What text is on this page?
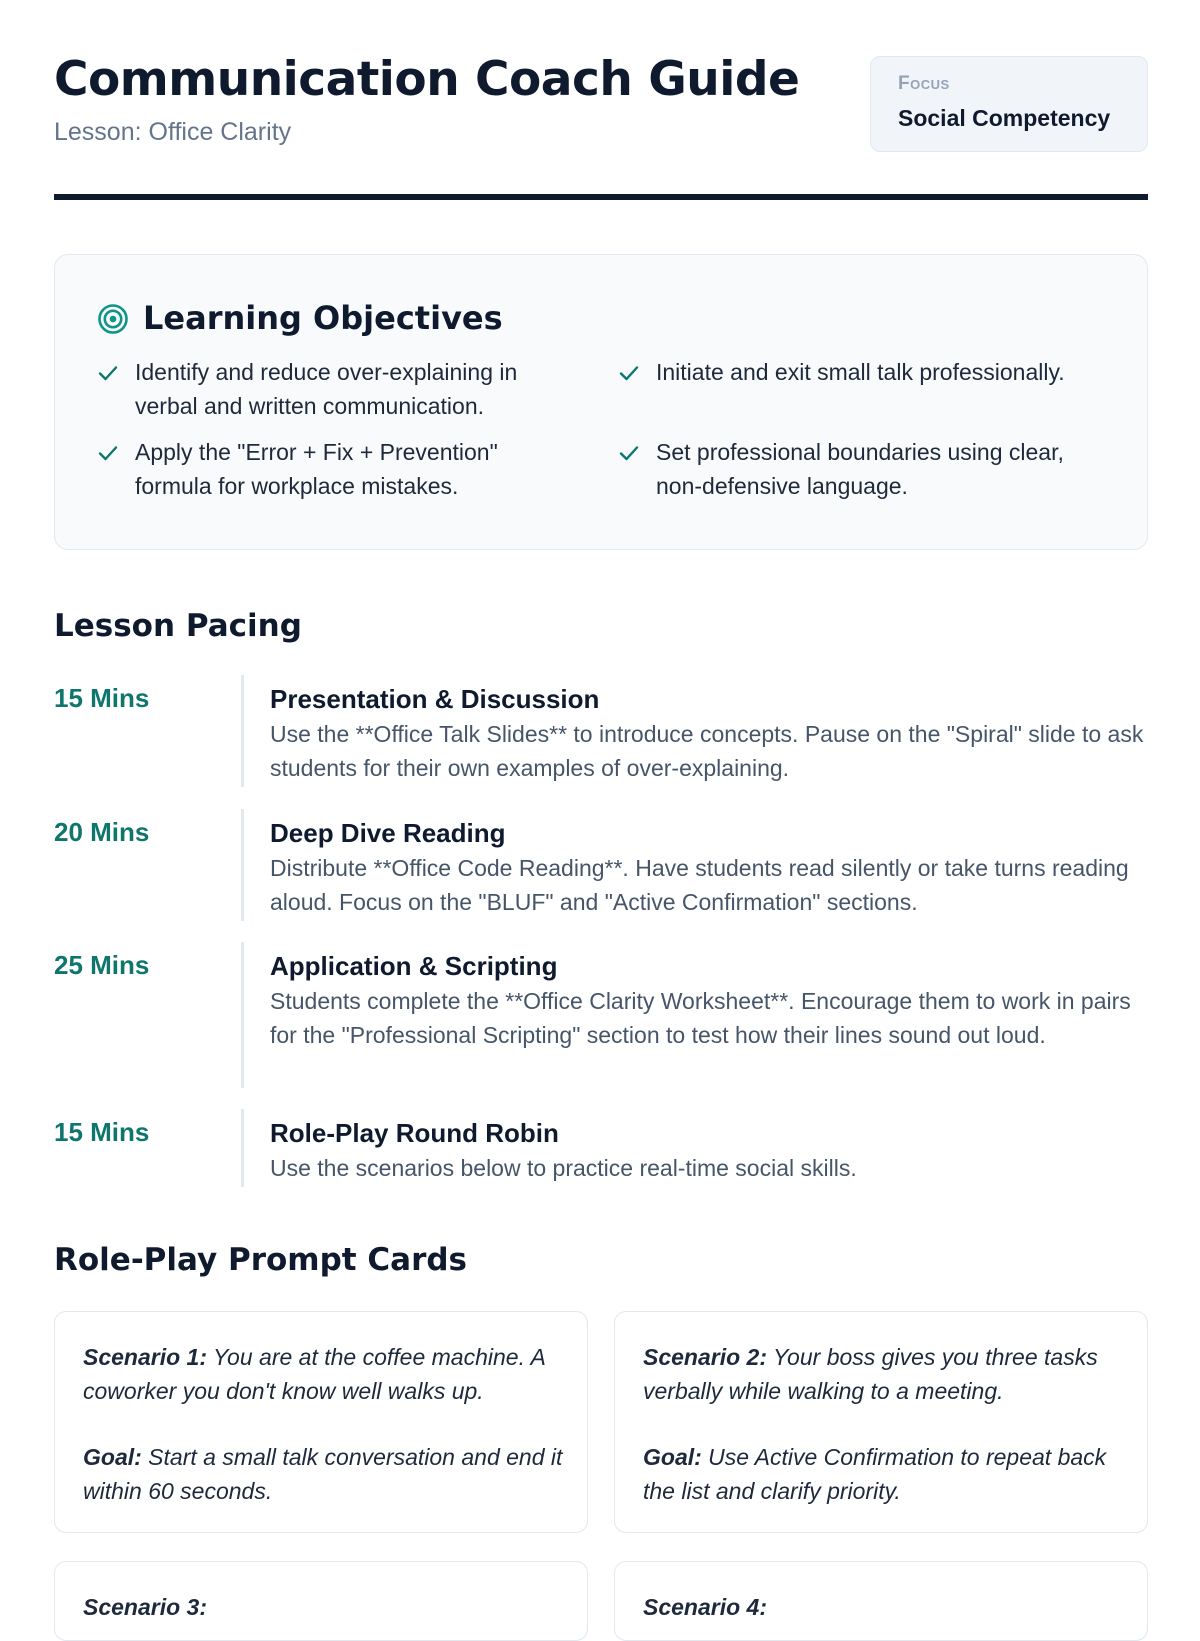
Communication Coach Guide
Lesson: Office Clarity
Focus
Social Competency
Learning Objectives
Identify and reduce over-explaining in verbal and written communication.
Initiate and exit small talk professionally.
Apply the "Error + Fix + Prevention" formula for workplace mistakes.
Set professional boundaries using clear, non-defensive language.
Lesson Pacing
15 Mins	Presentation & Discussion
Use the **Office Talk Slides** to introduce concepts. Pause on the "Spiral" slide to ask students for their own examples of over-explaining.
20 Mins	Deep Dive Reading
Distribute **Office Code Reading**. Have students read silently or take turns reading aloud. Focus on the "BLUF" and "Active Confirmation" sections.
25 Mins	Application & Scripting
Students complete the **Office Clarity Worksheet**. Encourage them to work in pairs for the "Professional Scripting" section to test how their lines sound out loud.
15 Mins	Role-Play Round Robin
Use the scenarios below to practice real-time social skills.
Role-Play Prompt Cards
Scenario 1: You are at the coffee machine. A coworker you don't know well walks up.
Goal: Start a small talk conversation and end it within 60 seconds.
Scenario 2: Your boss gives you three tasks verbally while walking to a meeting.
Goal: Use Active Confirmation to repeat back the list and clarify priority.
Scenario 3:	Scenario 4:
